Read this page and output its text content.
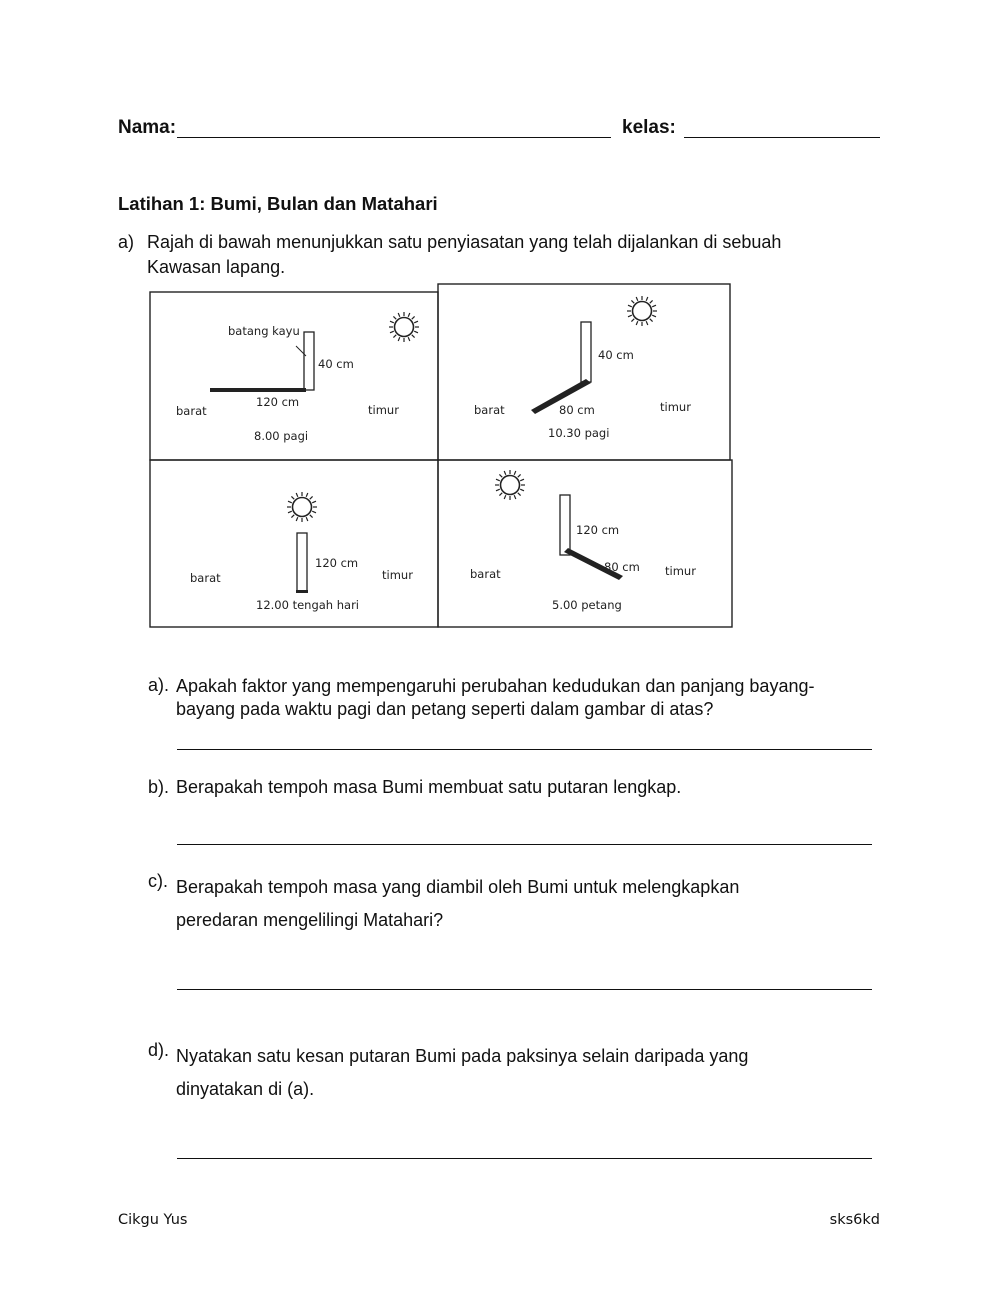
Nama:	kelas:
Latihan 1: Bumi, Bulan dan Matahari
a) Rajah di bawah menunjukkan satu penyiasatan yang telah dijalankan di sebuah
Kawasan lapang.
batang kayu
40 cm
120 cm
barat	timur
8.00 pagi
40 cm
80 cm
barat	timur
10.30 pagi
120 cm
barat	timur
12.00 tengah hari
120 cm
80 cm
barat	timur
5.00 petang
a). Apakah faktor yang mempengaruhi perubahan kedudukan dan panjang bayang-
bayang pada waktu pagi dan petang seperti dalam gambar di atas?
b). Berapakah tempoh masa Bumi membuat satu putaran lengkap.
c). Berapakah tempoh masa yang diambil oleh Bumi untuk melengkapkan
peredaran mengelilingi Matahari?
d). Nyatakan satu kesan putaran Bumi pada paksinya selain daripada yang
dinyatakan di (a).
Cikgu Yus	sks6kd
